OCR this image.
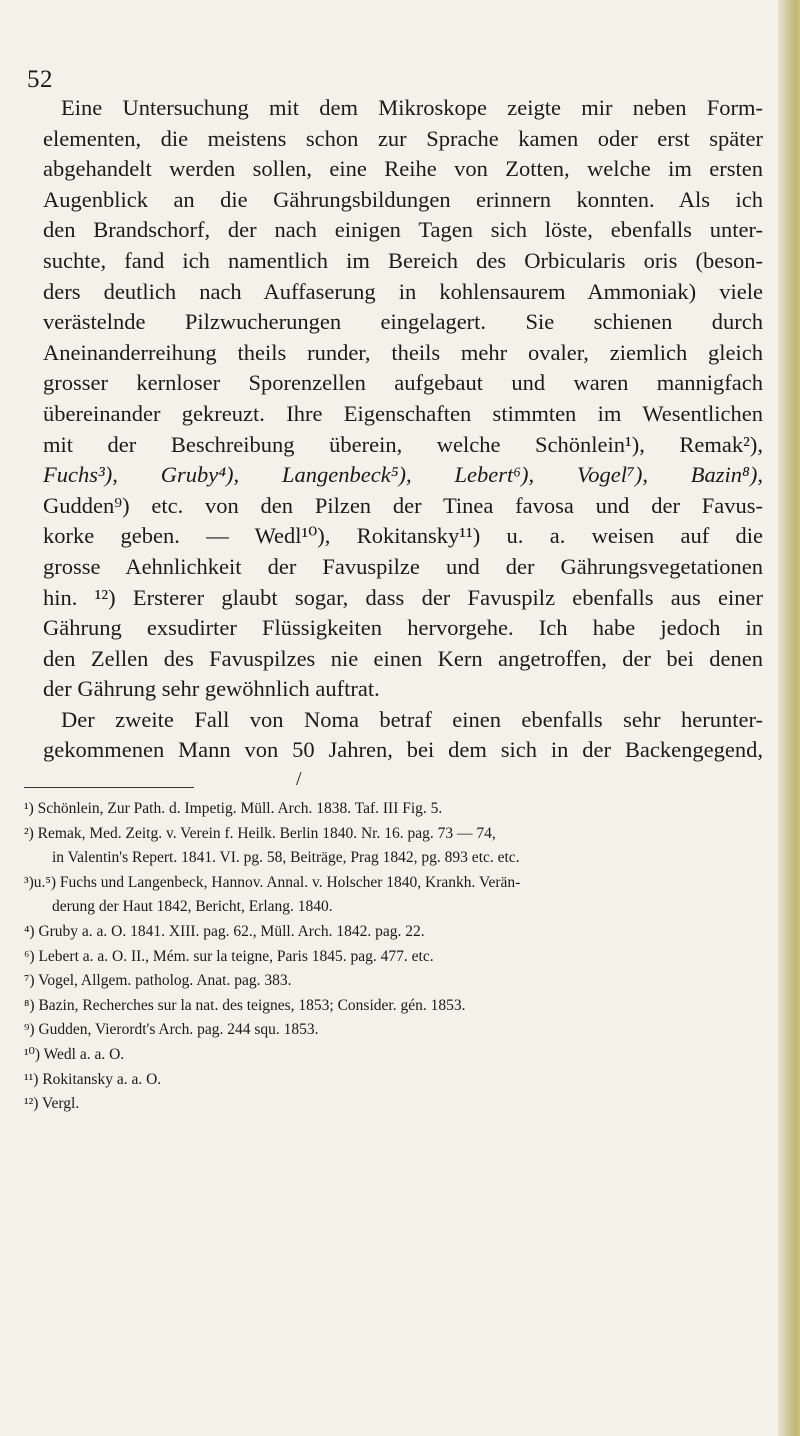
52
Eine Untersuchung mit dem Mikroskope zeigte mir neben Form-
elementen, die meistens schon zur Sprache kamen oder erst später
abgehandelt werden sollen, eine Reihe von Zotten, welche im ersten
Augenblick an die Gährungsbildungen erinnern konnten. Als ich
den Brandschorf, der nach einigen Tagen sich löste, ebenfalls unter-
suchte, fand ich namentlich im Bereich des Orbicularis oris (beson-
ders deutlich nach Auffaserung in kohlensaurem Ammoniak) viele
verästelnde Pilzwucherungen eingelagert. Sie schienen durch
Aneinanderreihung theils runder, theils mehr ovaler, ziemlich gleich
grosser kernloser Sporenzellen aufgebaut und waren mannigfach
übereinander gekreuzt. Ihre Eigenschaften stimmten im Wesentlichen
mit der Beschreibung überein, welche Schönlein¹), Remak²),
Fuchs³), Gruby⁴), Langenbeck⁵), Lebert⁶), Vogel⁷), Bazin⁸),
Gudden⁹) etc. von den Pilzen der Tinea favosa und der Favus-
korke geben. — Wedl¹⁰), Rokitansky¹¹) u. a. weisen auf die
grosse Aehnlichkeit der Favuspilze und der Gährungsvegetationen
hin. ¹²) Ersterer glaubt sogar, dass der Favuspilz ebenfalls aus einer
Gährung exsudirter Flüssigkeiten hervorgehe. Ich habe jedoch in
den Zellen des Favuspilzes nie einen Kern angetroffen, der bei denen
der Gährung sehr gewöhnlich auftrat.
Der zweite Fall von Noma betraf einen ebenfalls sehr herunter-
gekommenen Mann von 50 Jahren, bei dem sich in der Backengegend,
/
¹) Schönlein, Zur Path. d. Impetig. Müll. Arch. 1838. Taf. III Fig. 5.
²) Remak, Med. Zeitg. v. Verein f. Heilk. Berlin 1840. Nr. 16. pag. 73 — 74,
in Valentin's Repert. 1841. VI. pg. 58, Beiträge, Prag 1842, pg. 893 etc. etc.
³)u.⁵) Fuchs und Langenbeck, Hannov. Annal. v. Holscher 1840, Krankh. Verän-
derung der Haut 1842, Bericht, Erlang. 1840.
⁴) Gruby a. a. O. 1841. XIII. pag. 62., Müll. Arch. 1842. pag. 22.
⁶) Lebert a. a. O. II., Mém. sur la teigne, Paris 1845. pag. 477. etc.
⁷) Vogel, Allgem. patholog. Anat. pag. 383.
⁸) Bazin, Recherches sur la nat. des teignes, 1853; Consider. gén. 1853.
⁹) Gudden, Vierordt's Arch. pag. 244 squ. 1853.
¹⁰) Wedl a. a. O.
¹¹) Rokitansky a. a. O.
¹²) Vergl.
